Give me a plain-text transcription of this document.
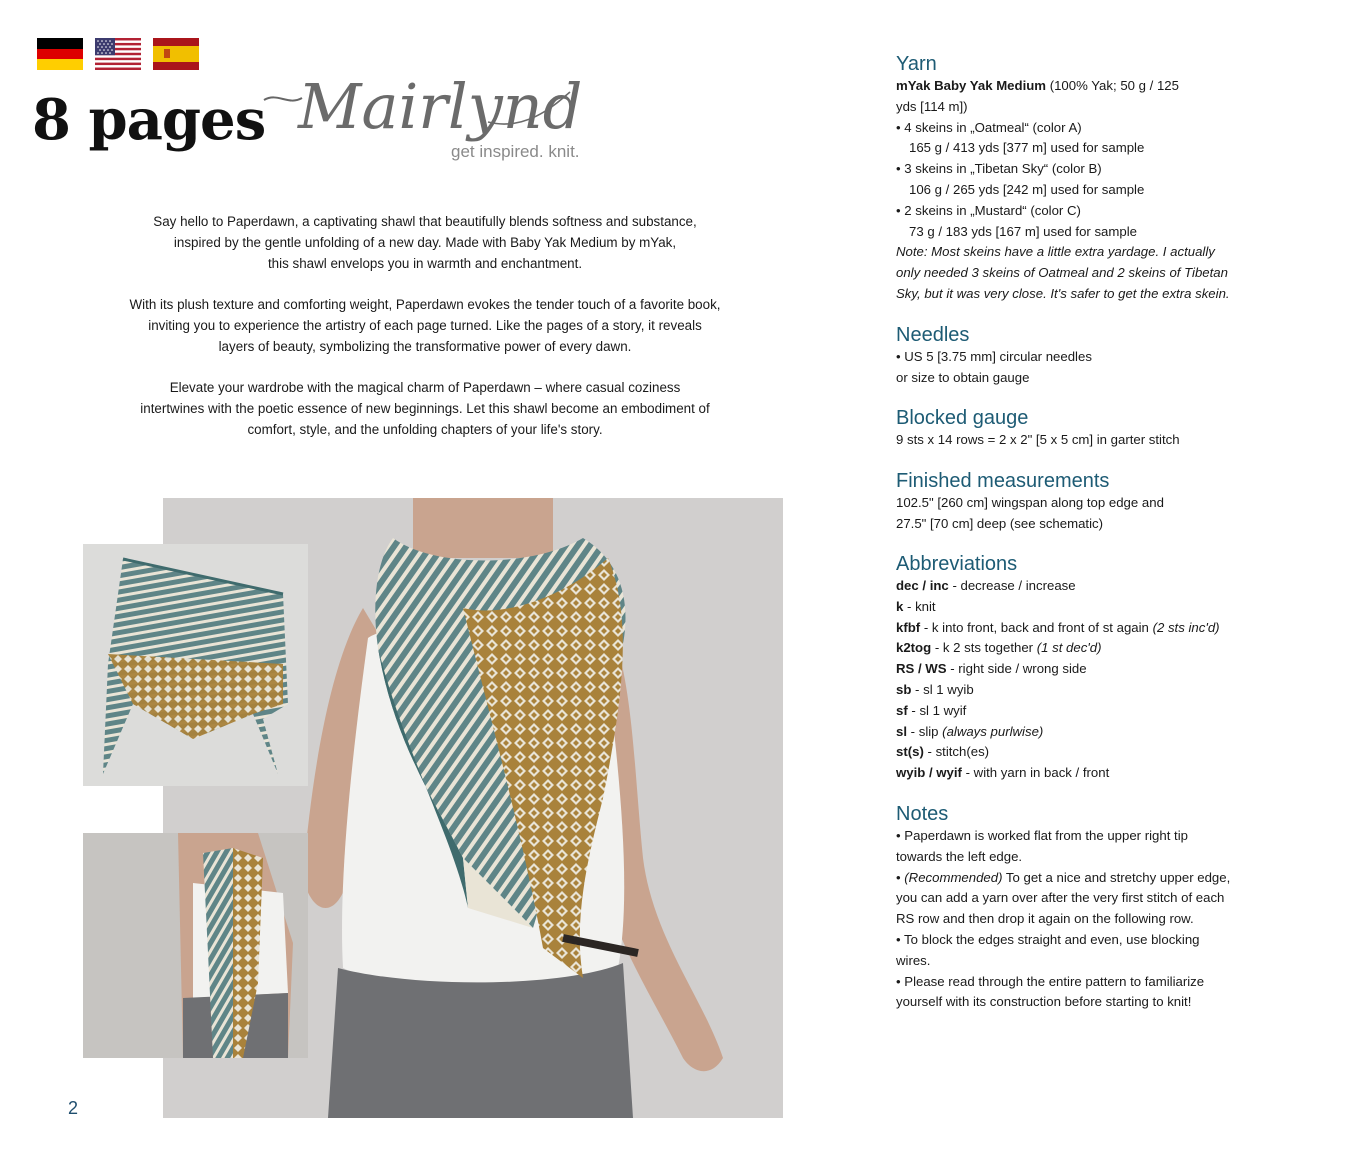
8 pages Mairlynd
get inspired. knit.

Say hello to Paperdawn, a captivating shawl that beautifully blends softness and substance,
inspired by the gentle unfolding of a new day. Made with Baby Yak Medium by mYak,
this shawl envelops you in warmth and enchantment.

With its plush texture and comforting weight, Paperdawn evokes the tender touch of a favorite book,
inviting you to experience the artistry of each page turned. Like the pages of a story, it reveals
layers of beauty, symbolizing the transformative power of every dawn.

Elevate your wardrobe with the magical charm of Paperdawn – where casual coziness
intertwines with the poetic essence of new beginnings. Let this shawl become an embodiment of
comfort, style, and the unfolding chapters of your life's story.

2
Yarn
mYak Baby Yak Medium (100% Yak; 50 g / 125
yds [114 m])
• 4 skeins in „Oatmeal“ (color A)
165 g / 413 yds [377 m] used for sample
• 3 skeins in „Tibetan Sky“ (color B)
106 g / 265 yds [242 m] used for sample
• 2 skeins in „Mustard“ (color C)
73 g / 183 yds [167 m] used for sample
Note: Most skeins have a little extra yardage. I actually
only needed 3 skeins of Oatmeal and 2 skeins of Tibetan
Sky, but it was very close. It's safer to get the extra skein.
Needles
• US 5 [3.75 mm] circular needles
or size to obtain gauge
Blocked gauge
9 sts x 14 rows = 2 x 2" [5 x 5 cm] in garter stitch
Finished measurements
102.5" [260 cm] wingspan along top edge and
27.5" [70 cm] deep (see schematic)
Abbreviations
dec / inc - decrease / increase
k - knit
kfbf - k into front, back and front of st again (2 sts inc'd)
k2tog - k 2 sts together (1 st dec'd)
RS / WS - right side / wrong side
sb - sl 1 wyib
sf - sl 1 wyif
sl - slip (always purlwise)
st(s) - stitch(es)
wyib / wyif - with yarn in back / front
Notes
• Paperdawn is worked flat from the upper right tip
towards the left edge.
• (Recommended) To get a nice and stretchy upper edge,
you can add a yarn over after the very first stitch of each
RS row and then drop it again on the following row.
• To block the edges straight and even, use blocking
wires.
• Please read through the entire pattern to familiarize
yourself with its construction before starting to knit!
